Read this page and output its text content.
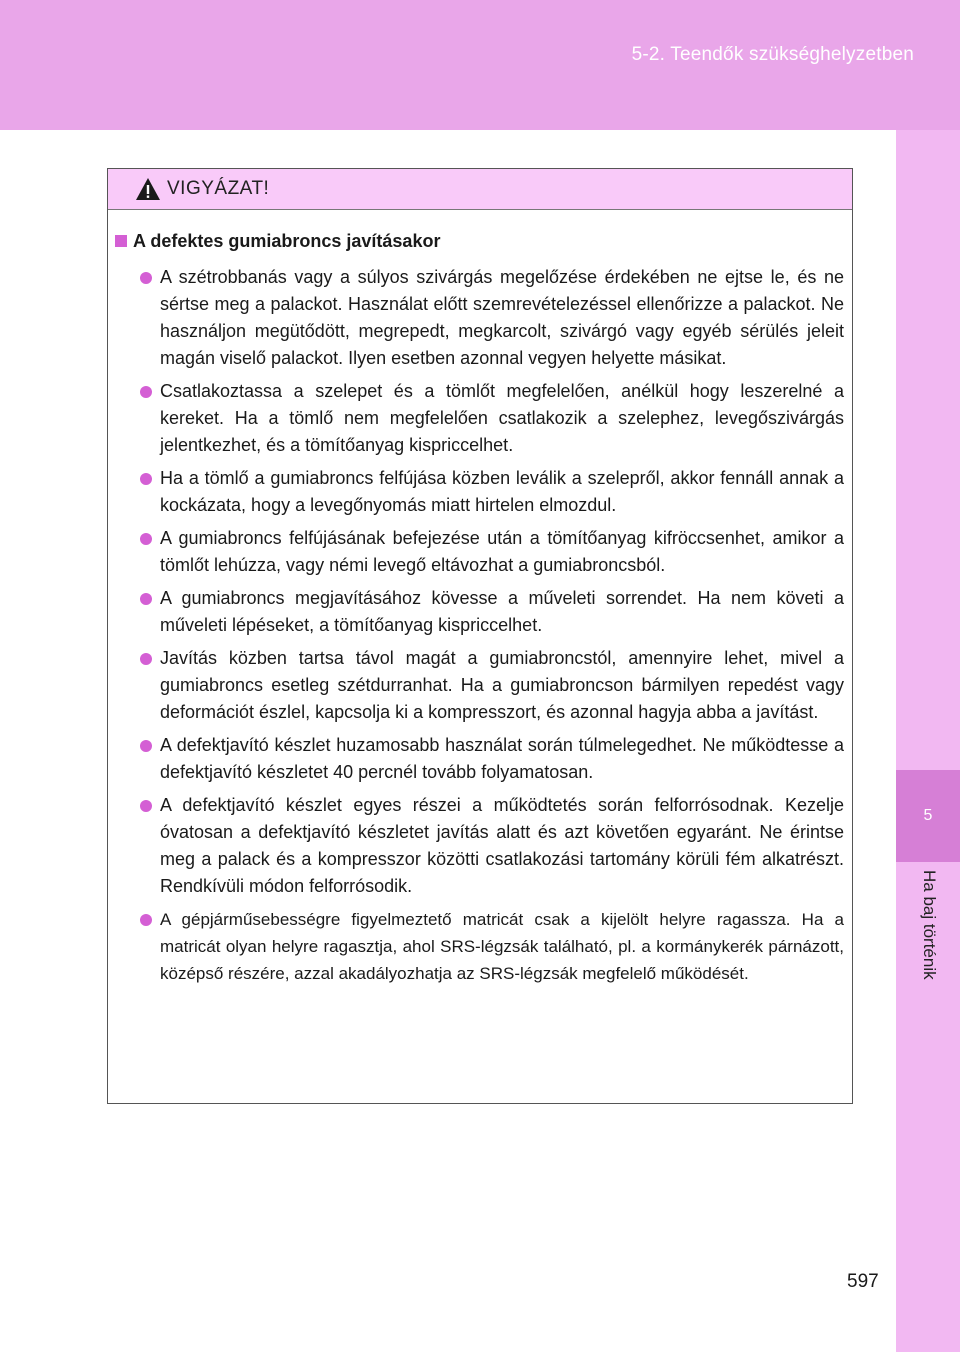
5-2. Teendők szükséghelyzetben
5
Ha baj történik
VIGYÁZAT!
A defektes gumiabroncs javításakor
A szétrobbanás vagy a súlyos szivárgás megelőzése érdekében ne ejtse le, és ne sértse meg a palackot. Használat előtt szemrevételezéssel ellenőrizze a palackot. Ne használjon megütődött, megrepedt, megkarcolt, szivárgó vagy egyéb sérülés jeleit magán viselő palackot. Ilyen esetben azonnal vegyen helyette másikat.
Csatlakoztassa a szelepet és a tömlőt megfelelően, anélkül hogy leszerelné a kereket. Ha a tömlő nem megfelelően csatlakozik a szelephez, levegőszivárgás jelentkezhet, és a tömítőanyag kispriccelhet.
Ha a tömlő a gumiabroncs felfújása közben leválik a szelepről, akkor fennáll annak a kockázata, hogy a levegőnyomás miatt hirtelen elmozdul.
A gumiabroncs felfújásának befejezése után a tömítőanyag kifröccsenhet, amikor a tömlőt lehúzza, vagy némi levegő eltávozhat a gumiabroncsból.
A gumiabroncs megjavításához kövesse a műveleti sorrendet. Ha nem követi a műveleti lépéseket, a tömítőanyag kispriccelhet.
Javítás közben tartsa távol magát a gumiabroncstól, amennyire lehet, mivel a gumiabroncs esetleg szétdurranhat. Ha a gumiabroncson bármilyen repedést vagy deformációt észlel, kapcsolja ki a kompresszort, és azonnal hagyja abba a javítást.
A defektjavító készlet huzamosabb használat során túlmelegedhet. Ne működtesse a defektjavító készletet 40 percnél tovább folyamatosan.
A defektjavító készlet egyes részei a működtetés során felforrósodnak. Kezelje óvatosan a defektjavító készletet javítás alatt és azt követően egyaránt. Ne érintse meg a palack és a kompresszor közötti csatlakozási tartomány körüli fém alkatrészt. Rendkívüli módon felforrósodik.
A gépjárműsebességre figyelmeztető matricát csak a kijelölt helyre ragassza. Ha a matricát olyan helyre ragasztja, ahol SRS-légzsák található, pl. a kormánykerék párnázott, középső részére, azzal akadályozhatja az SRS-légzsák megfelelő működését.
597
